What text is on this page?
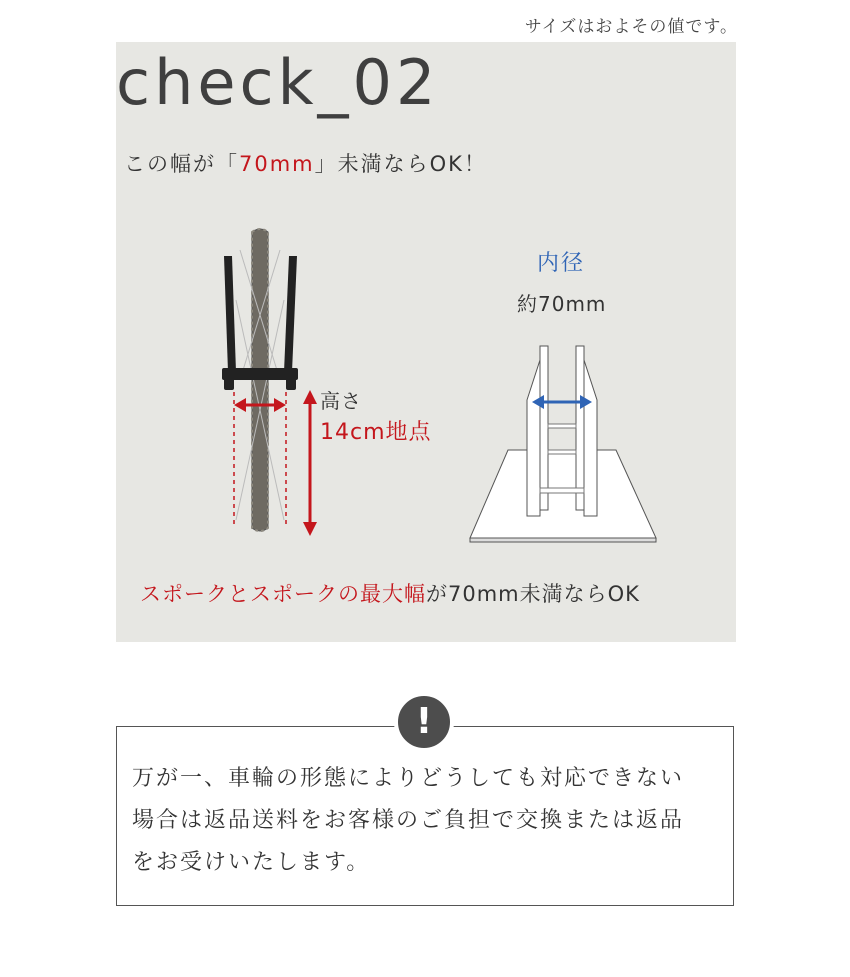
サイズはおよその値です。
check_02
この幅が「70mm」未満ならOK！
内径
約70mm
高さ
14cm地点
スポークとスポークの最大幅が70mm未満ならOK
!
万が一、車輪の形態によりどうしても対応できない
場合は返品送料をお客様のご負担で交換または返品
をお受けいたします。
